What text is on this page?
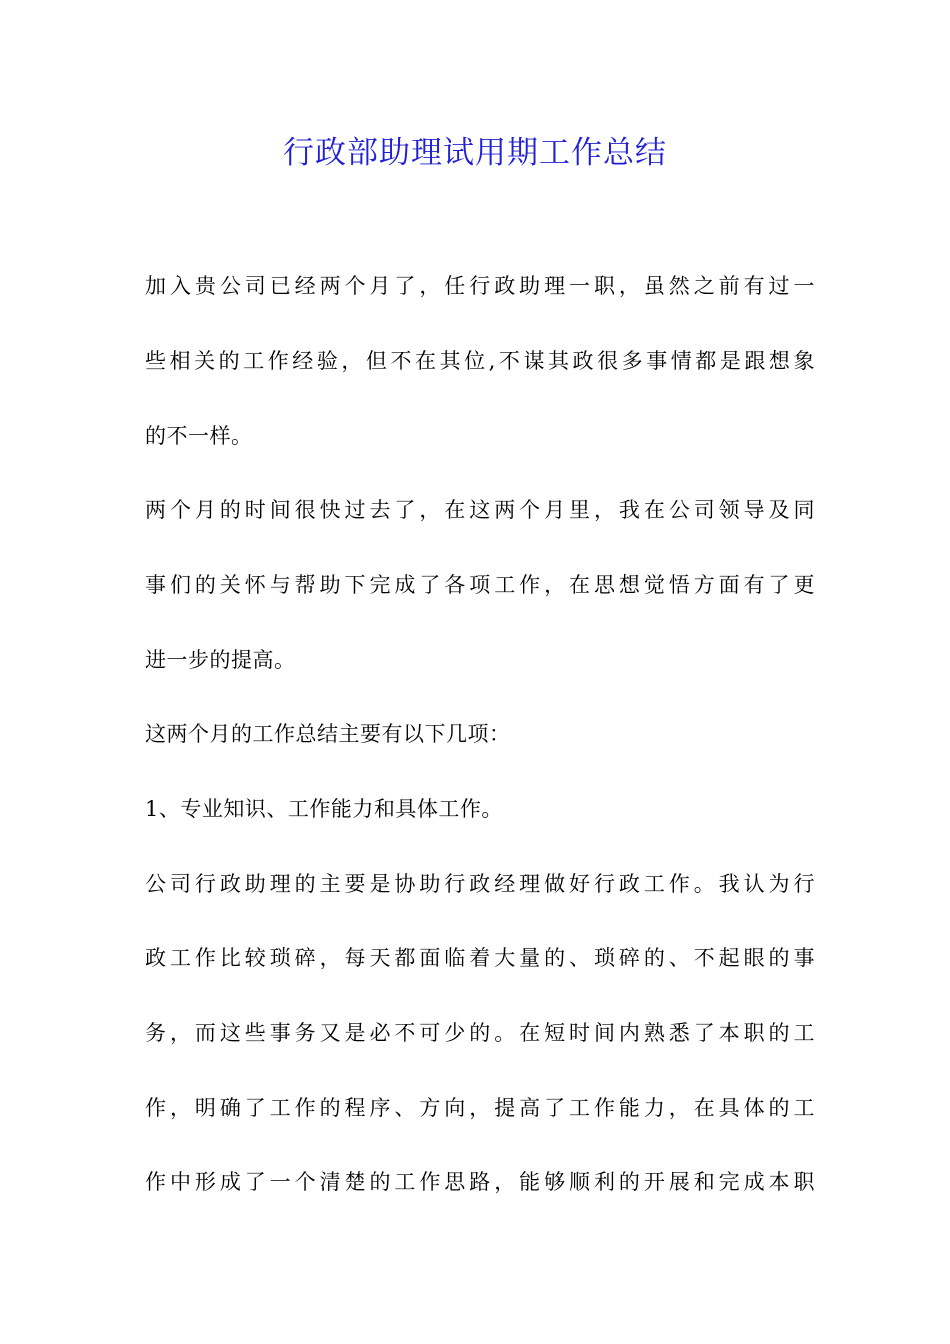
行政部助理试用期工作总结
加入贵公司已经两个月了，任行政助理一职，虽然之前有过一
些相关的工作经验，但不在其位,不谋其政很多事情都是跟想象
的不一样。
两个月的时间很快过去了，在这两个月里，我在公司领导及同
事们的关怀与帮助下完成了各项工作，在思想觉悟方面有了更
进一步的提高。
这两个月的工作总结主要有以下几项：
1、专业知识、工作能力和具体工作。
公司行政助理的主要是协助行政经理做好行政工作。我认为行
政工作比较琐碎，每天都面临着大量的、琐碎的、不起眼的事
务，而这些事务又是必不可少的。在短时间内熟悉了本职的工
作，明确了工作的程序、方向，提高了工作能力，在具体的工
作中形成了一个清楚的工作思路，能够顺利的开展和完成本职
